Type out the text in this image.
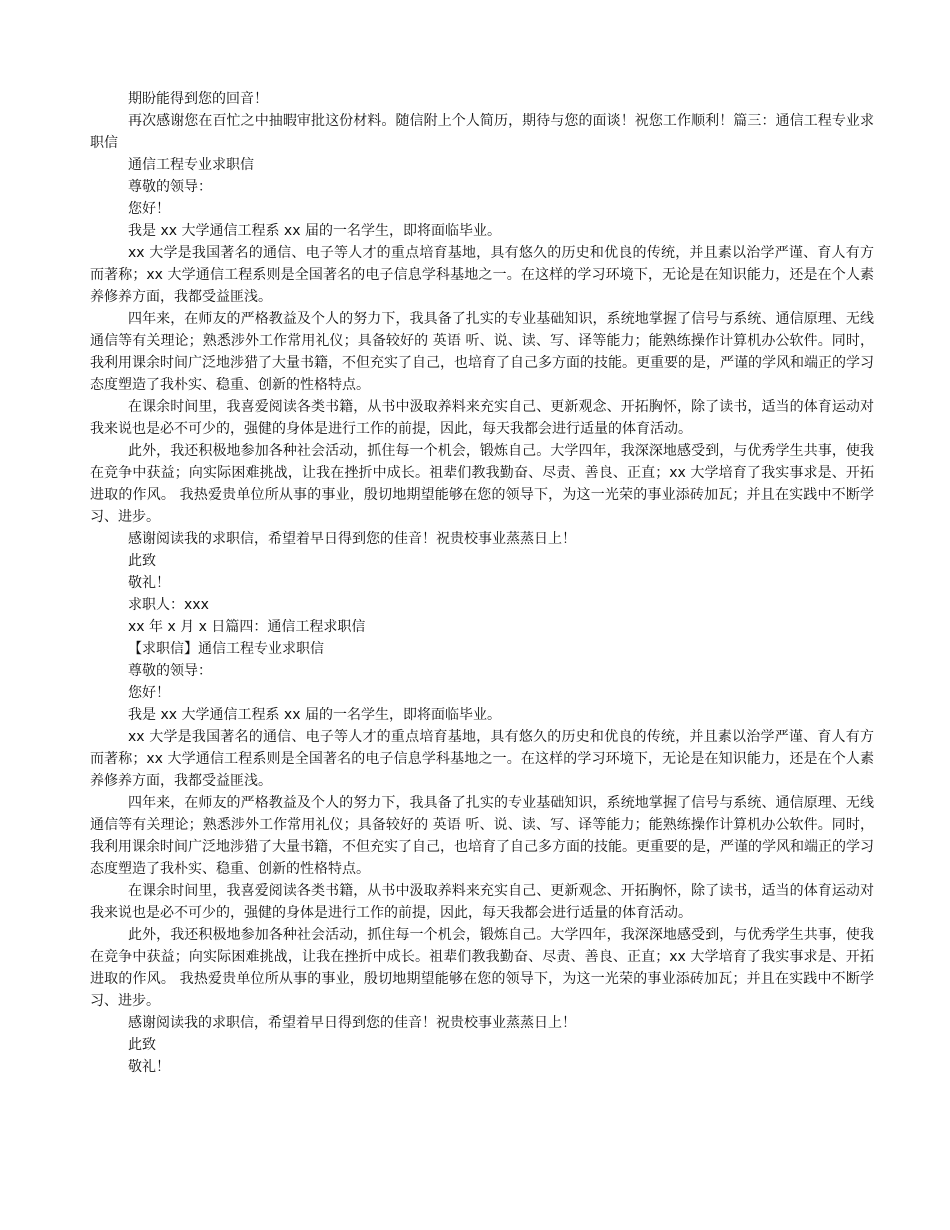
期盼能得到您的回音！

再次感谢您在百忙之中抽暇审批这份材料。随信附上个人简历，期待与您的面谈！祝您工作顺利！篇三：通信工程专业求职信

通信工程专业求职信

尊敬的领导：

您好！

我是 xx 大学通信工程系 xx 届的一名学生，即将面临毕业。

xx 大学是我国著名的通信、电子等人才的重点培育基地，具有悠久的历史和优良的传统，并且素以治学严谨、育人有方而著称；xx 大学通信工程系则是全国著名的电子信息学科基地之一。在这样的学习环境下，无论是在知识能力，还是在个人素养修养方面，我都受益匪浅。

四年来，在师友的严格教益及个人的努力下，我具备了扎实的专业基础知识，系统地掌握了信号与系统、通信原理、无线通信等有关理论；熟悉涉外工作常用礼仪；具备较好的 英语 听、说、读、写、译等能力；能熟练操作计算机办公软件。同时，我利用课余时间广泛地涉猎了大量书籍，不但充实了自己，也培育了自己多方面的技能。更重要的是，严谨的学风和端正的学习态度塑造了我朴实、稳重、创新的性格特点。

在课余时间里，我喜爱阅读各类书籍，从书中汲取养料来充实自己、更新观念、开拓胸怀，除了读书，适当的体育运动对我来说也是必不可少的，强健的身体是进行工作的前提，因此，每天我都会进行适量的体育活动。

此外，我还积极地参加各种社会活动，抓住每一个机会，锻炼自己。大学四年，我深深地感受到，与优秀学生共事，使我在竞争中获益；向实际困难挑战，让我在挫折中成长。祖辈们教我勤奋、尽责、善良、正直；xx 大学培育了我实事求是、开拓进取的作风。 我热爱贵单位所从事的事业，殷切地期望能够在您的领导下，为这一光荣的事业添砖加瓦；并且在实践中不断学习、进步。

感谢阅读我的求职信，希望着早日得到您的佳音！祝贵校事业蒸蒸日上！

此致

敬礼！

求职人：xxx

xx 年 x 月 x 日篇四：通信工程求职信

【求职信】通信工程专业求职信

尊敬的领导：

您好！

我是 xx 大学通信工程系 xx 届的一名学生，即将面临毕业。

xx 大学是我国著名的通信、电子等人才的重点培育基地，具有悠久的历史和优良的传统，并且素以治学严谨、育人有方而著称；xx 大学通信工程系则是全国著名的电子信息学科基地之一。在这样的学习环境下，无论是在知识能力，还是在个人素养修养方面，我都受益匪浅。

四年来，在师友的严格教益及个人的努力下，我具备了扎实的专业基础知识，系统地掌握了信号与系统、通信原理、无线通信等有关理论；熟悉涉外工作常用礼仪；具备较好的 英语 听、说、读、写、译等能力；能熟练操作计算机办公软件。同时，我利用课余时间广泛地涉猎了大量书籍，不但充实了自己，也培育了自己多方面的技能。更重要的是，严谨的学风和端正的学习态度塑造了我朴实、稳重、创新的性格特点。

在课余时间里，我喜爱阅读各类书籍，从书中汲取养料来充实自己、更新观念、开拓胸怀，除了读书，适当的体育运动对我来说也是必不可少的，强健的身体是进行工作的前提，因此，每天我都会进行适量的体育活动。

此外，我还积极地参加各种社会活动，抓住每一个机会，锻炼自己。大学四年，我深深地感受到，与优秀学生共事，使我在竞争中获益；向实际困难挑战，让我在挫折中成长。祖辈们教我勤奋、尽责、善良、正直；xx 大学培育了我实事求是、开拓进取的作风。 我热爱贵单位所从事的事业，殷切地期望能够在您的领导下，为这一光荣的事业添砖加瓦；并且在实践中不断学习、进步。

感谢阅读我的求职信，希望着早日得到您的佳音！祝贵校事业蒸蒸日上！

此致

敬礼！
